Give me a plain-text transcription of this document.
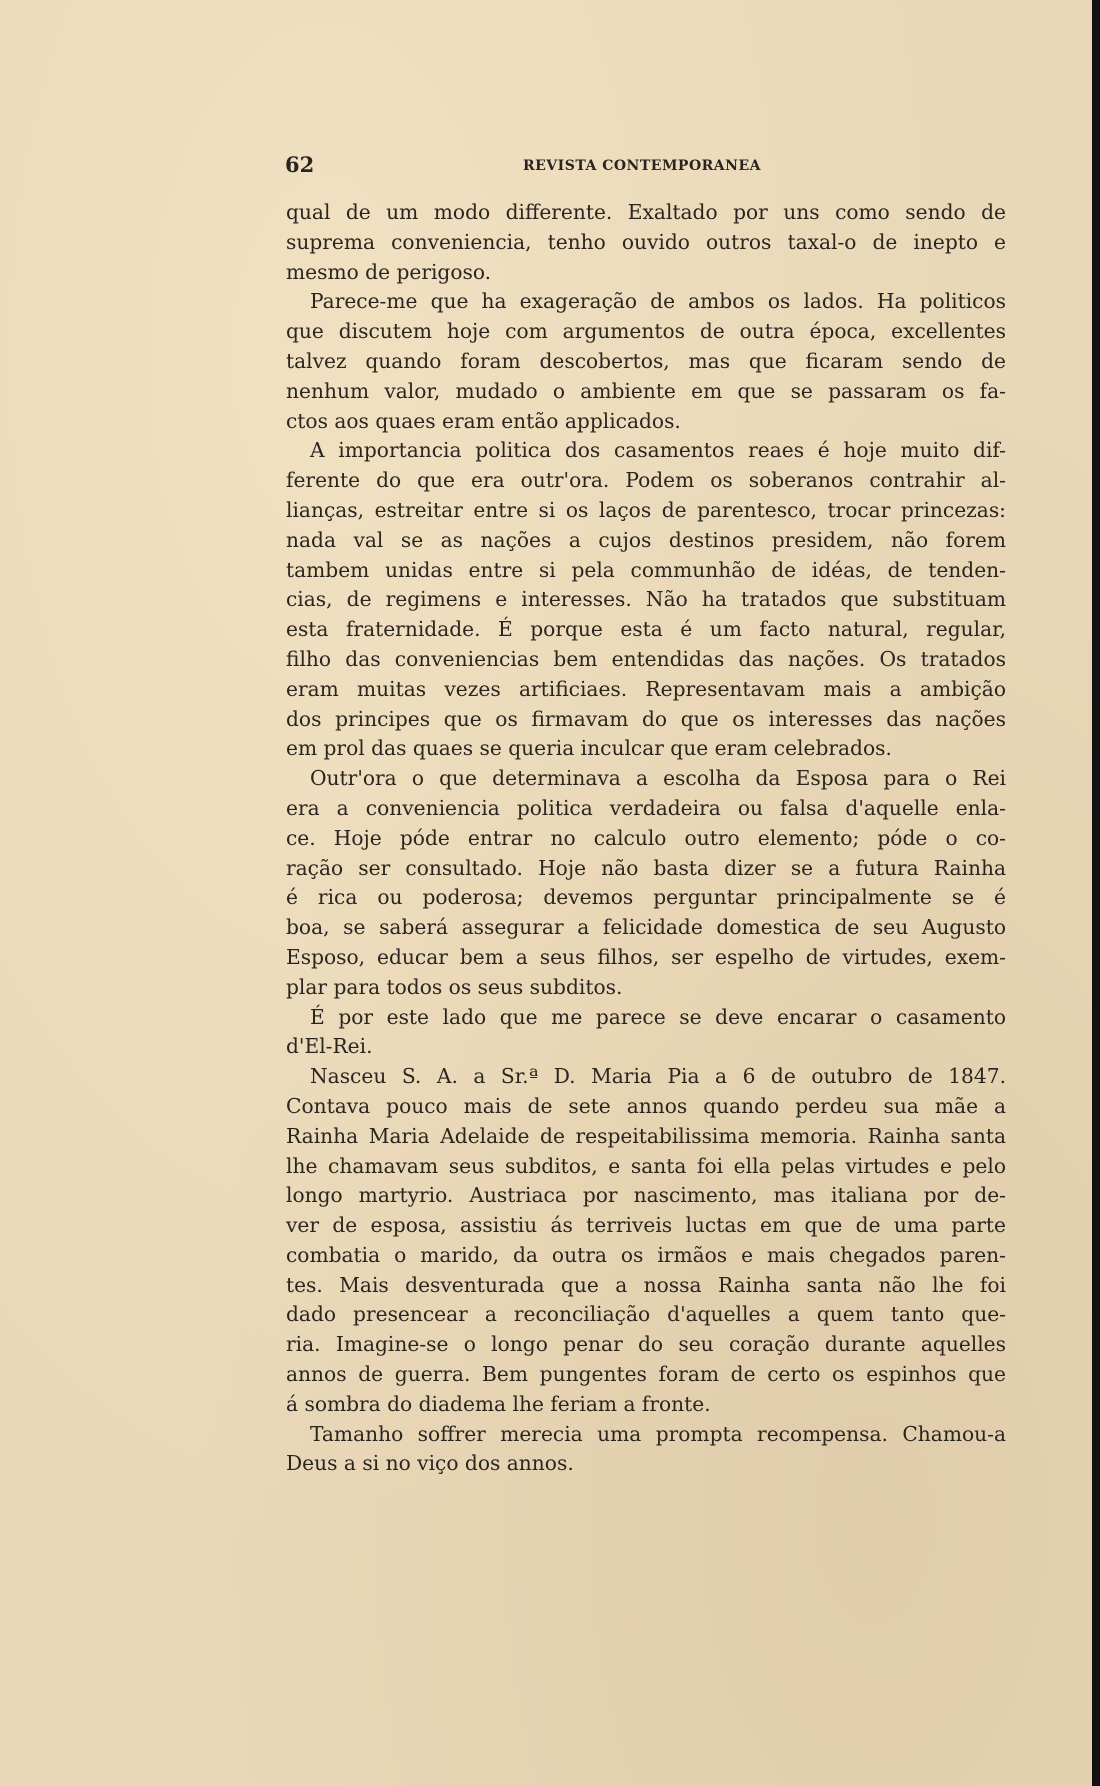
62	REVISTA CONTEMPORANEA
qual de um modo differente. Exaltado por uns como sendo de
suprema conveniencia, tenho ouvido outros taxal-o de inepto e
mesmo de perigoso.
Parece-me que ha exageração de ambos os lados. Ha politicos
que discutem hoje com argumentos de outra época, excellentes
talvez quando foram descobertos, mas que ficaram sendo de
nenhum valor, mudado o ambiente em que se passaram os fa-
ctos aos quaes eram então applicados.
A importancia politica dos casamentos reaes é hoje muito dif-
ferente do que era outr'ora. Podem os soberanos contrahir al-
lianças, estreitar entre si os laços de parentesco, trocar princezas:
nada val se as nações a cujos destinos presidem, não forem
tambem unidas entre si pela communhão de idéas, de tenden-
cias, de regimens e interesses. Não ha tratados que substituam
esta fraternidade. É porque esta é um facto natural, regular,
filho das conveniencias bem entendidas das nações. Os tratados
eram muitas vezes artificiaes. Representavam mais a ambição
dos principes que os firmavam do que os interesses das nações
em prol das quaes se queria inculcar que eram celebrados.
Outr'ora o que determinava a escolha da Esposa para o Rei
era a conveniencia politica verdadeira ou falsa d'aquelle enla-
ce. Hoje póde entrar no calculo outro elemento; póde o co-
ração ser consultado. Hoje não basta dizer se a futura Rainha
é rica ou poderosa; devemos perguntar principalmente se é
boa, se saberá assegurar a felicidade domestica de seu Augusto
Esposo, educar bem a seus filhos, ser espelho de virtudes, exem-
plar para todos os seus subditos.
É por este lado que me parece se deve encarar o casamento
d'El-Rei.
Nasceu S. A. a Sr.ª D. Maria Pia a 6 de outubro de 1847.
Contava pouco mais de sete annos quando perdeu sua mãe a
Rainha Maria Adelaide de respeitabilissima memoria. Rainha santa
lhe chamavam seus subditos, e santa foi ella pelas virtudes e pelo
longo martyrio. Austriaca por nascimento, mas italiana por de-
ver de esposa, assistiu ás terriveis luctas em que de uma parte
combatia o marido, da outra os irmãos e mais chegados paren-
tes. Mais desventurada que a nossa Rainha santa não lhe foi
dado presencear a reconciliação d'aquelles a quem tanto que-
ria. Imagine-se o longo penar do seu coração durante aquelles
annos de guerra. Bem pungentes foram de certo os espinhos que
á sombra do diadema lhe feriam a fronte.
Tamanho soffrer merecia uma prompta recompensa. Chamou-a
Deus a si no viço dos annos.
